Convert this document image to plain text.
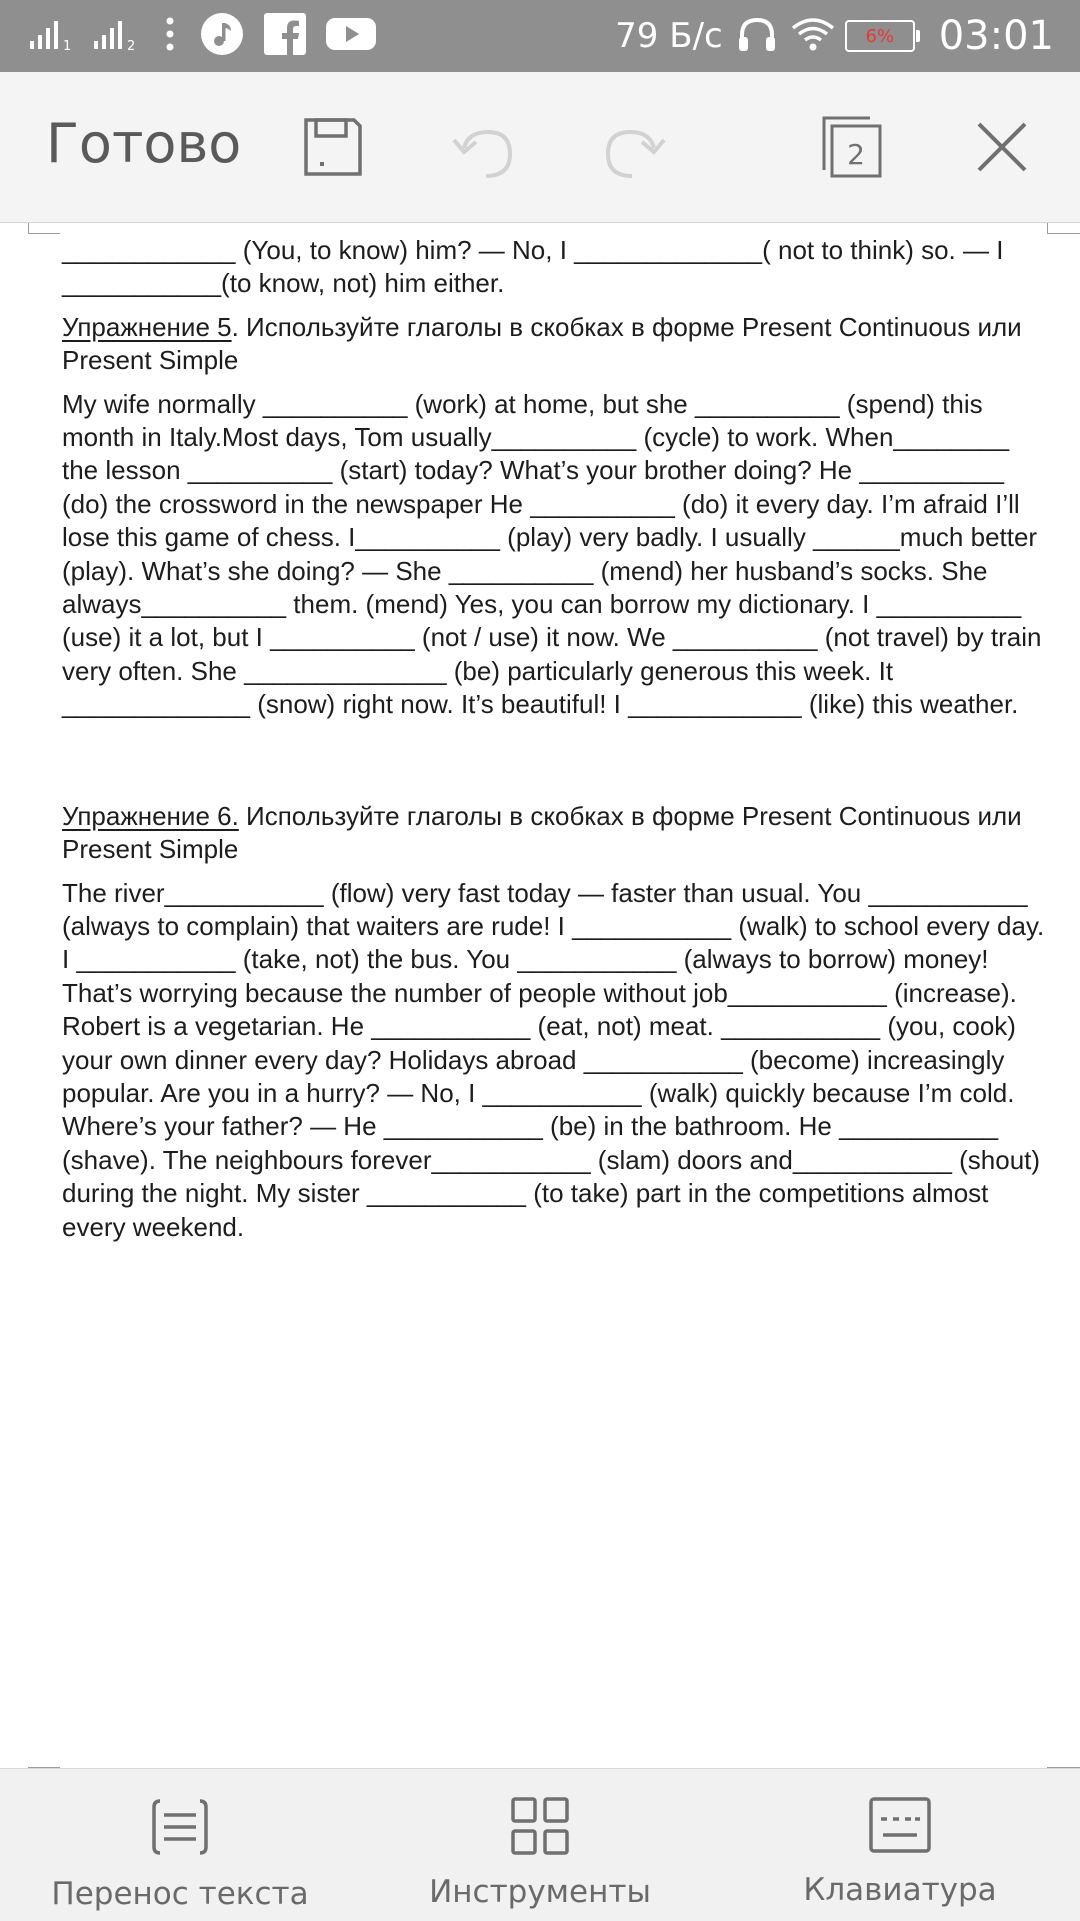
1	2	79 Б/с	6% 03:01
Готово	2

____________ (You, to know) him? — No, I _____________( not to think) so. — I ___________(to know, not) him either.

Упражнение 5. Используйте глаголы в скобках в форме Present Continuous или Present Simple

My wife normally __________ (work) at home, but she __________ (spend) this month in Italy.Most days, Tom usually__________ (cycle) to work. When________ the lesson __________ (start) today? What’s your brother doing? He __________ (do) the crossword in the newspaper He __________ (do) it every day. I’m afraid I’ll lose this game of chess. I__________ (play) very badly. I usually ______much better (play). What’s she doing? — She __________ (mend) her husband’s socks. She always__________ them. (mend) Yes, you can borrow my dictionary. I __________ (use) it a lot, but I __________ (not / use) it now. We __________ (not travel) by train very often. She ______________ (be) particularly generous this week. It _____________ (snow) right now. It’s beautiful! I ____________ (like) this weather.

Упражнение 6. Используйте глаголы в скобках в форме Present Continuous или Present Simple

The river___________ (flow) very fast today — faster than usual. You ___________ (always to complain) that waiters are rude! I ___________ (walk) to school every day. I ___________ (take, not) the bus. You ___________ (always to borrow) money! That’s worrying because the number of people without job___________ (increase). Robert is a vegetarian. He ___________ (eat, not) meat. ___________ (you, cook) your own dinner every day? Holidays abroad ___________ (become) increasingly popular. Are you in a hurry? — No, I ___________ (walk) quickly because I’m cold. Where’s your father? — He ___________ (be) in the bathroom. He ___________ (shave). The neighbours forever___________ (slam) doors and___________ (shout) during the night. My sister ___________ (to take) part in the competitions almost every weekend.

Перенос текста	Инструменты	Клавиатура
